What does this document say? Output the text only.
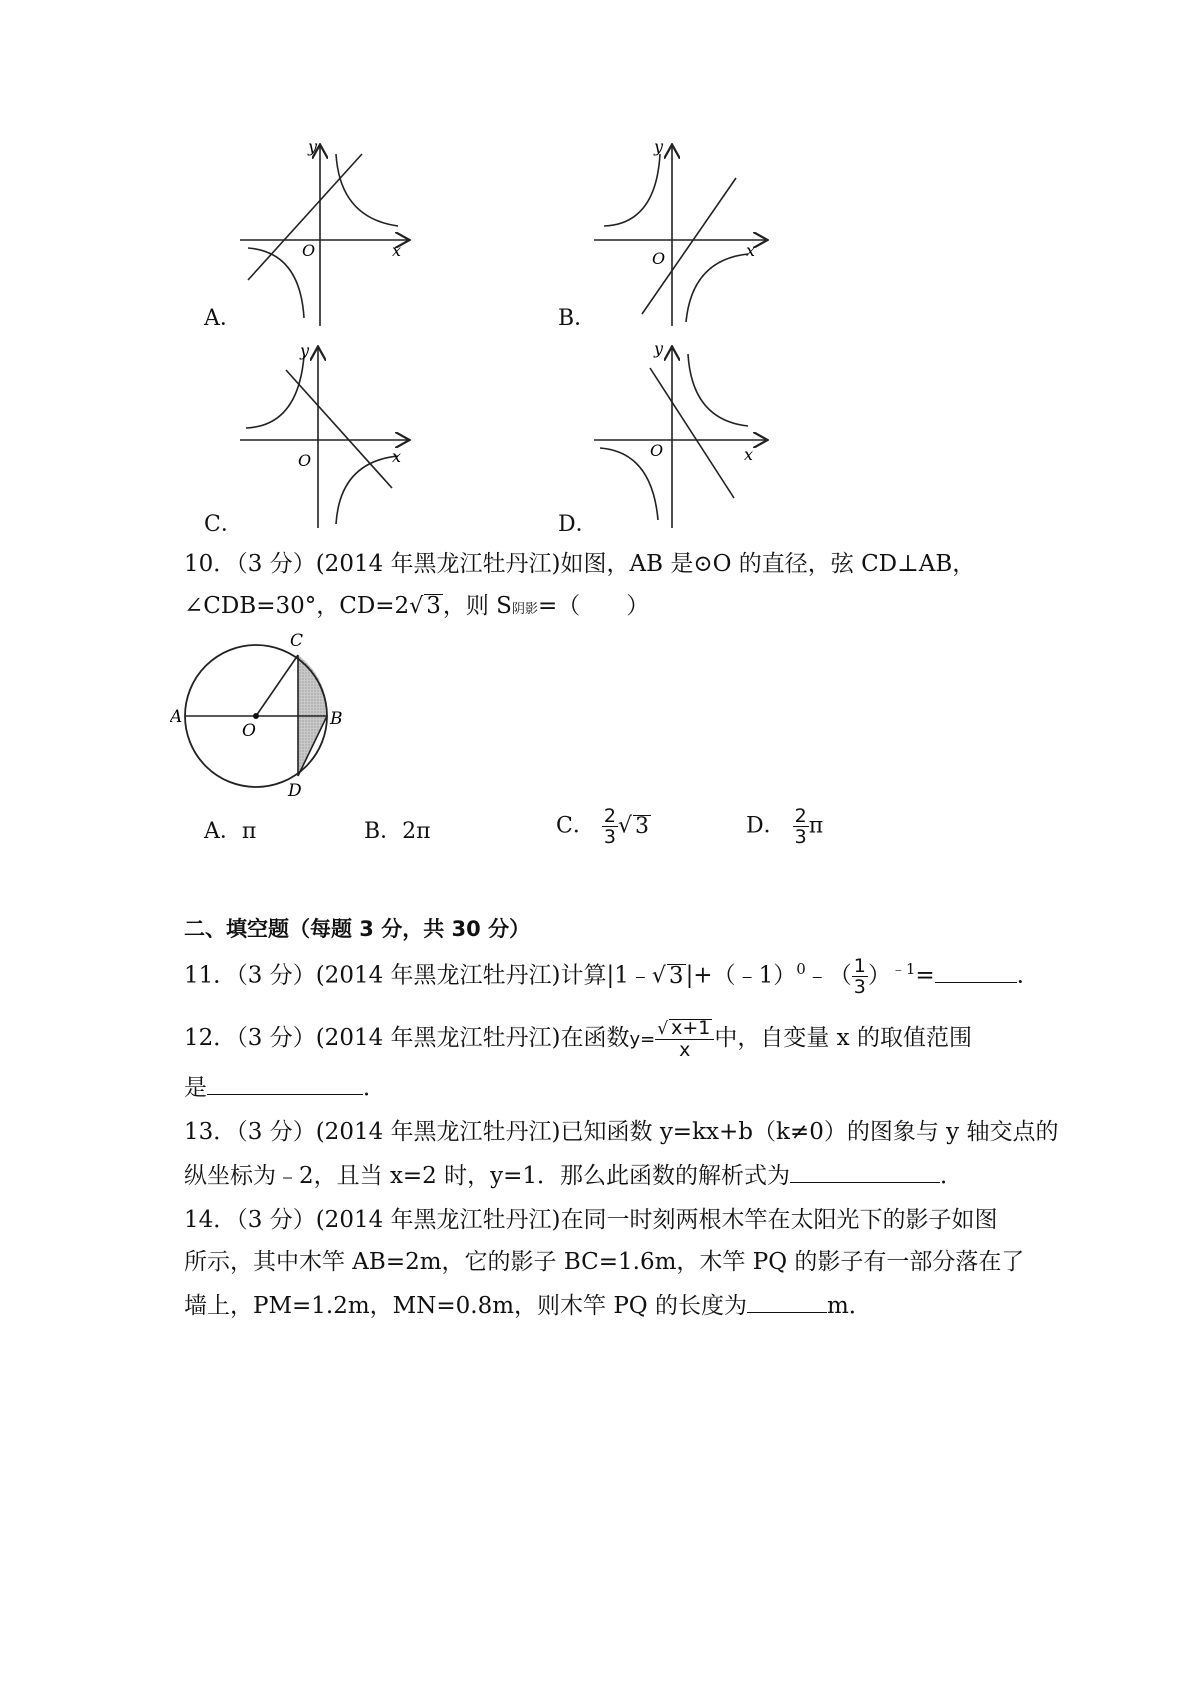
y
x
O
A．
y
x
O
B．
y
x
O
C．
y
x
O
D．
10．（3 分）(2014 年黑龙江牡丹江)如图，AB 是⊙O 的直径，弦 CD⊥AB，
∠CDB=30°，CD=2√ 3，则 S阴影=（　　）
C
A	B
O
D
A．π	B．2π	C． $\frac{2}{3}$ √ 3	D． $\frac{2}{3}$ π
二、填空题（每题 3 分，共 30 分）
11．（3 分）(2014 年黑龙江牡丹江)计算|1﹣√ 3|+（﹣1）$^0$﹣（ $\frac{1}{3} )^{﹣1}=$	．
12．（3 分）(2014 年黑龙江牡丹江)在函数$y= \frac{√ x+1}{x}$ 中，自变量 x 的取值范围
是	．
13．（3 分）(2014 年黑龙江牡丹江)已知函数 y=kx+b（k≠0）的图象与 y 轴交点的
纵坐标为﹣2，且当 x=2 时，y=1．那么此函数的解析式为	．
14．（3 分）(2014 年黑龙江牡丹江)在同一时刻两根木竿在太阳光下的影子如图
所示，其中木竿 AB=2m，它的影子 BC=1.6m，木竿 PQ 的影子有一部分落在了
墙上，PM=1.2m，MN=0.8m，则木竿 PQ 的长度为	m．
